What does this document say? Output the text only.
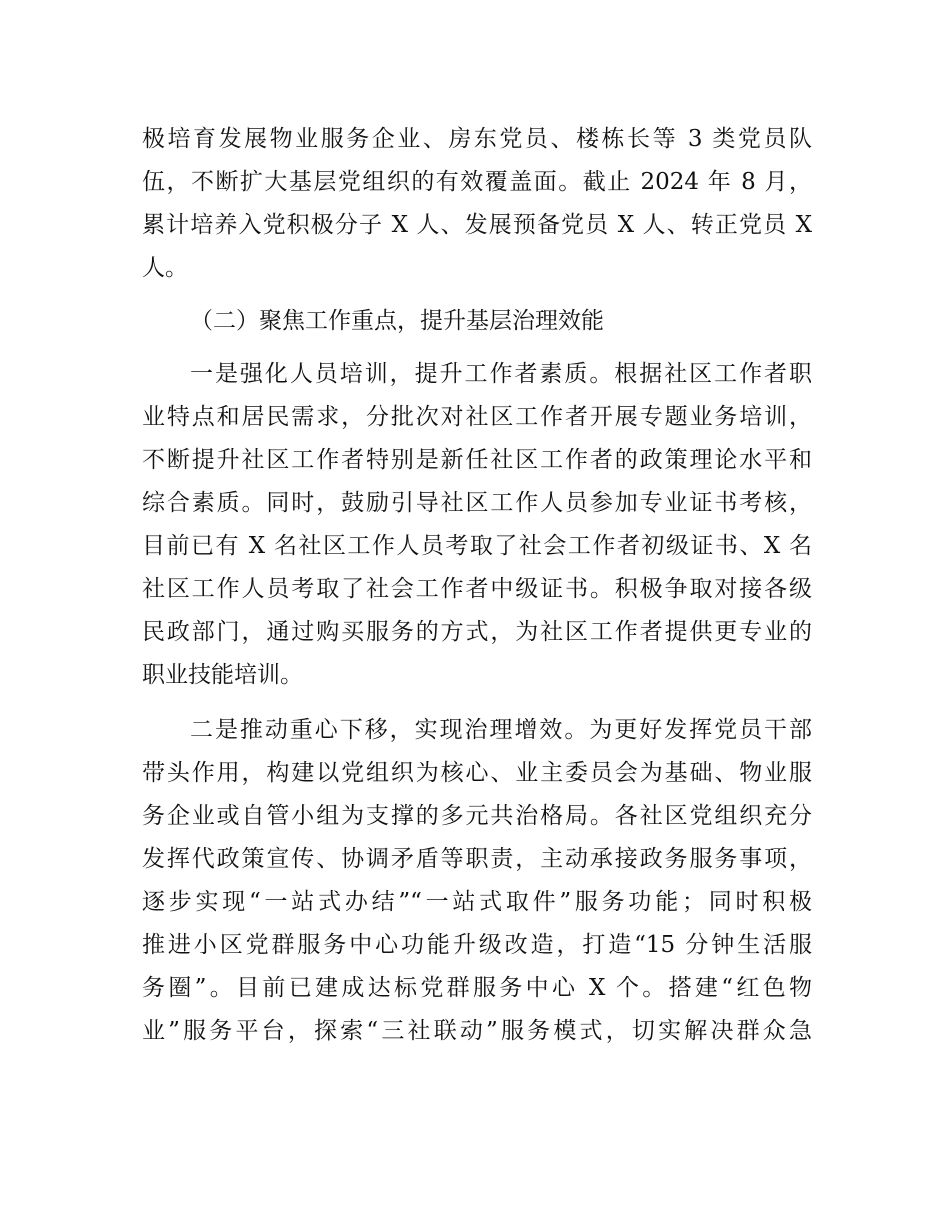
极培育发展物业服务企业、房东党员、楼栋长等 3 类党员队
伍，不断扩大基层党组织的有效覆盖面。截止 2024 年 8 月，
累计培养入党积极分子 X 人、发展预备党员 X 人、转正党员 X
人。
（二）聚焦工作重点，提升基层治理效能
一是强化人员培训，提升工作者素质。根据社区工作者职
业特点和居民需求，分批次对社区工作者开展专题业务培训，
不断提升社区工作者特别是新任社区工作者的政策理论水平和
综合素质。同时，鼓励引导社区工作人员参加专业证书考核，
目前已有 X 名社区工作人员考取了社会工作者初级证书、X 名
社区工作人员考取了社会工作者中级证书。积极争取对接各级
民政部门，通过购买服务的方式，为社区工作者提供更专业的
职业技能培训。
二是推动重心下移，实现治理增效。为更好发挥党员干部
带头作用，构建以党组织为核心、业主委员会为基础、物业服
务企业或自管小组为支撑的多元共治格局。各社区党组织充分
发挥代政策宣传、协调矛盾等职责，主动承接政务服务事项，
逐步实现“一站式办结”“一站式取件”服务功能；同时积极
推进小区党群服务中心功能升级改造，打造“15 分钟生活服
务圈”。目前已建成达标党群服务中心 X 个。搭建“红色物
业”服务平台，探索“三社联动”服务模式，切实解决群众急
